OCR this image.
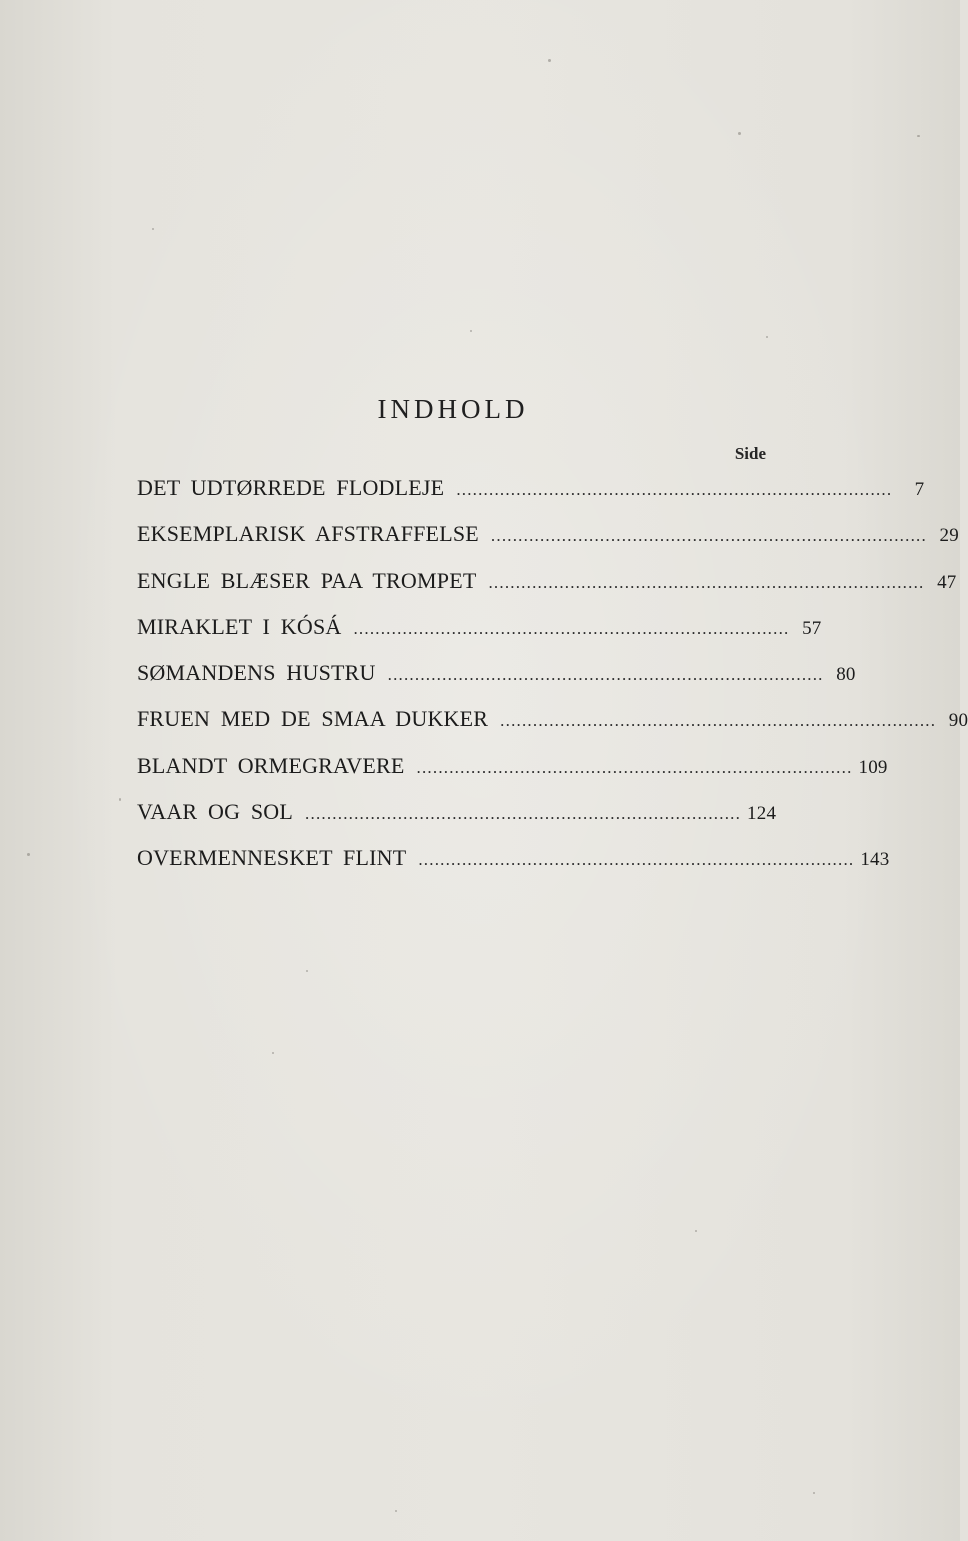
INDHOLD
Side
DET UDTØRREDE FLODLEJE ................................................................................	7
EKSEMPLARISK AFSTRAFFELSE ................................................................................ 29
ENGLE BLÆSER PAA TROMPET ................................................................................ 47
MIRAKLET I KÓSÁ ................................................................................ 57
SØMANDENS HUSTRU ................................................................................ 80
FRUEN MED DE SMAA DUKKER ................................................................................ 90
BLANDT ORMEGRAVERE ................................................................................ 109
VAAR OG SOL ................................................................................ 124
OVERMENNESKET FLINT ................................................................................ 143
